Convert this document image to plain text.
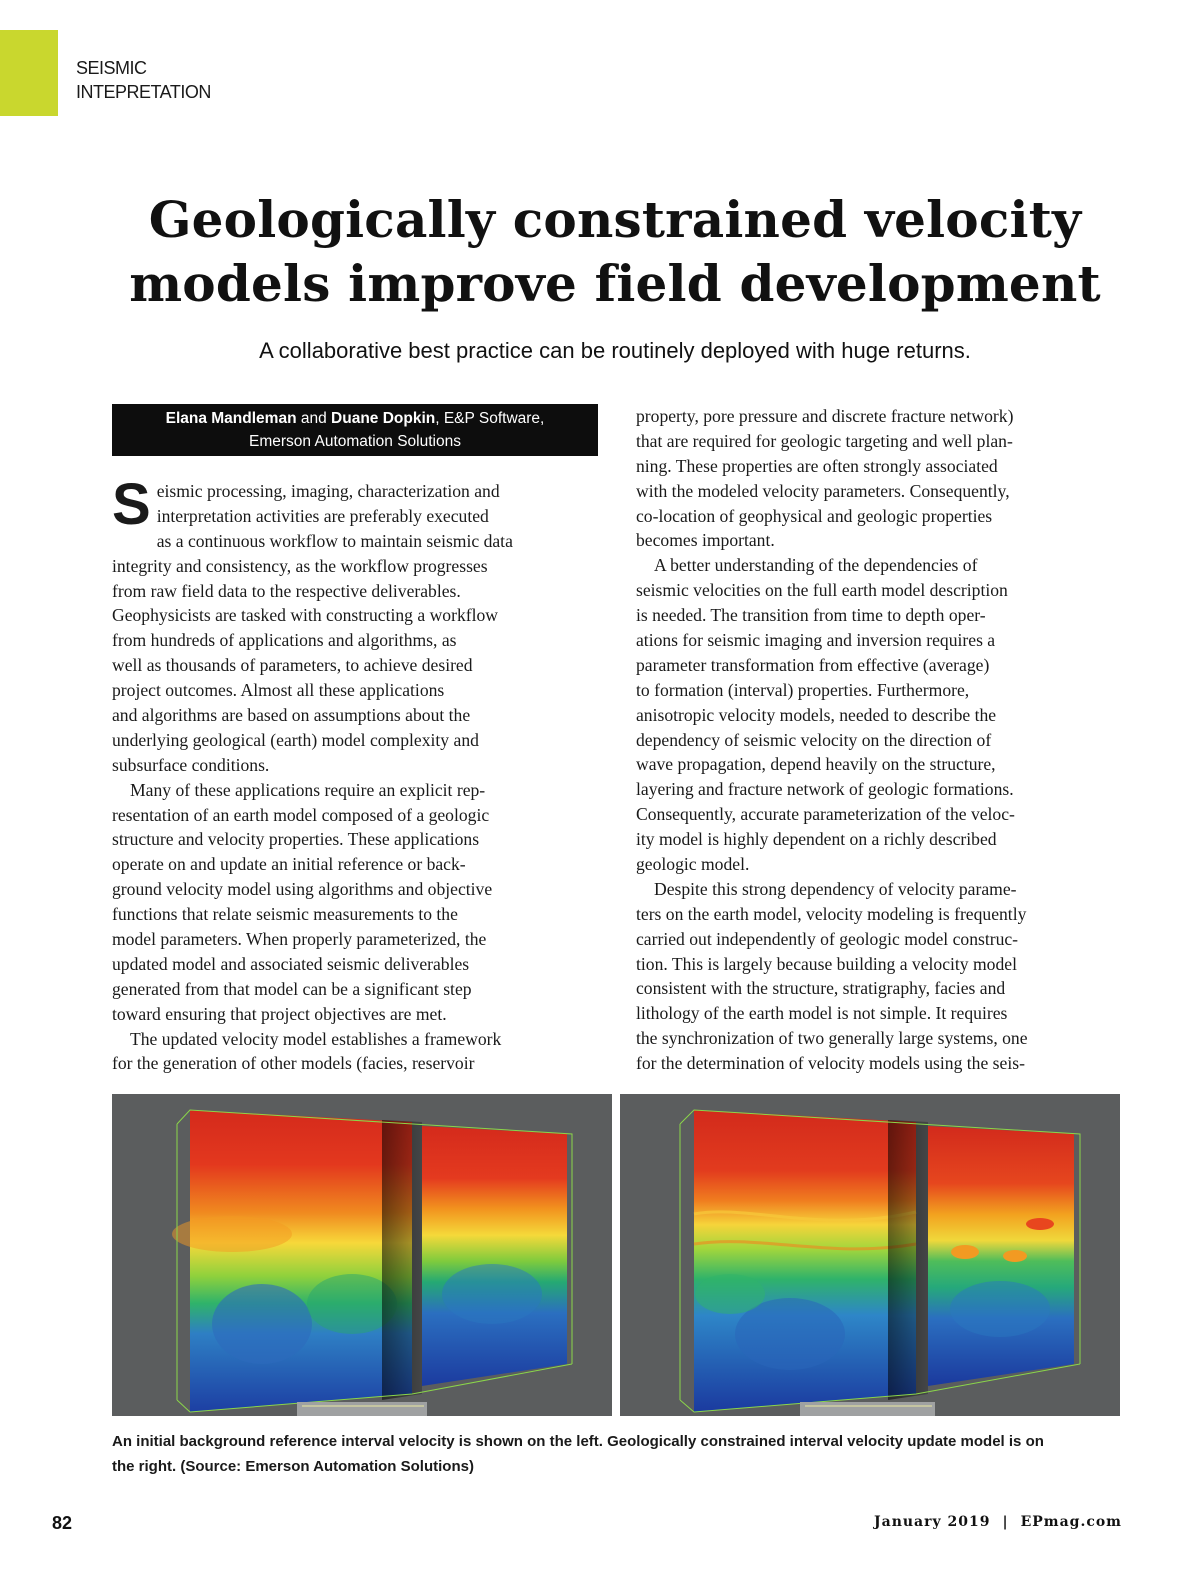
SEISMIC
INTEPRETATION
Geologically constrained velocity
models improve field development
A collaborative best practice can be routinely deployed with huge returns.
Elana Mandleman and Duane Dopkin, E&P Software,
Emerson Automation Solutions
S eismic processing, imaging, characterization and
interpretation activities are preferably executed
as a continuous workflow to maintain seismic data
integrity and consistency, as the workflow progresses
from raw field data to the respective deliverables.
Geophysicists are tasked with constructing a workflow
from hundreds of applications and algorithms, as
well as thousands of parameters, to achieve desired
project outcomes. Almost all these applications
and algorithms are based on assumptions about the
underlying geological (earth) model complexity and
subsurface conditions.
Many of these applications require an explicit rep-
resentation of an earth model composed of a geologic
structure and velocity properties. These applications
operate on and update an initial reference or back-
ground velocity model using algorithms and objective
functions that relate seismic measurements to the
model parameters. When properly parameterized, the
updated model and associated seismic deliverables
generated from that model can be a significant step
toward ensuring that project objectives are met.
The updated velocity model establishes a framework
for the generation of other models (facies, reservoir
property, pore pressure and discrete fracture network)
that are required for geologic targeting and well plan-
ning. These properties are often strongly associated
with the modeled velocity parameters. Consequently,
co-location of geophysical and geologic properties
becomes important.
A better understanding of the dependencies of
seismic velocities on the full earth model description
is needed. The transition from time to depth oper-
ations for seismic imaging and inversion requires a
parameter transformation from effective (average)
to formation (interval) properties. Furthermore,
anisotropic velocity models, needed to describe the
dependency of seismic velocity on the direction of
wave propagation, depend heavily on the structure,
layering and fracture network of geologic formations.
Consequently, accurate parameterization of the veloc-
ity model is highly dependent on a richly described
geologic model.
Despite this strong dependency of velocity parame-
ters on the earth model, velocity modeling is frequently
carried out independently of geologic model construc-
tion. This is largely because building a velocity model
consistent with the structure, stratigraphy, facies and
lithology of the earth model is not simple. It requires
the synchronization of two generally large systems, one
for the determination of velocity models using the seis-
An initial background reference interval velocity is shown on the left. Geologically constrained interval velocity update model is on
the right. (Source: Emerson Automation Solutions)
82	January 2019 | EPmag.com
